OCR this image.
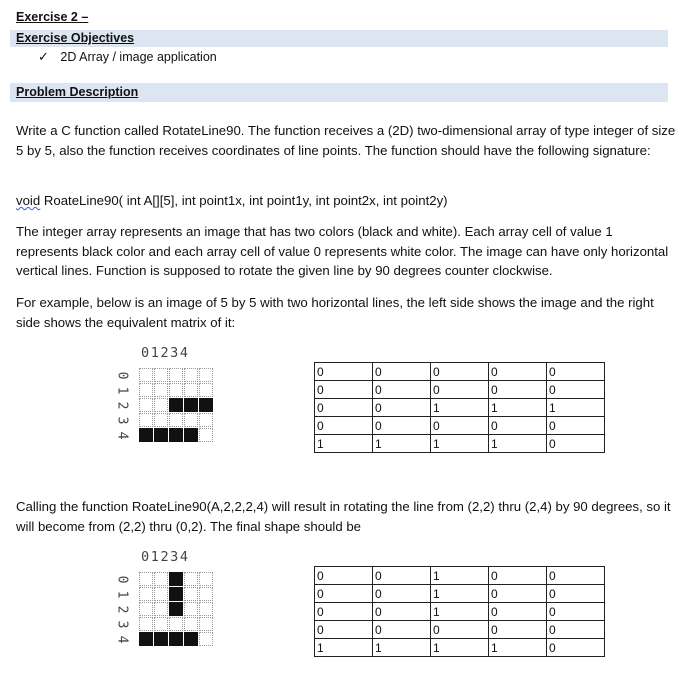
Exercise 2 –
Exercise Objectives
✓ 2D Array / image application
Problem Description
Write a C function called RotateLine90. The function receives a (2D) two-dimensional array of type integer of size 5 by 5, also the function receives coordinates of line points. The function should have the following signature:
void RoateLine90( int A[][5], int point1x, int point1y, int point2x, int point2y)
The integer array represents an image that has two colors (black and white). Each array cell of value 1 represents black color and each array cell of value 0 represents white color. The image can have only horizontal vertical lines. Function is supposed to rotate the given line by 90 degrees counter clockwise.
For example, below is an image of 5 by 5 with two horizontal lines, the left side shows the image and the right side shows the equivalent matrix of it:
01234
0
1
2
3
4
0	0	0	0	0
0	0	0	0	0
0	0	1	1	1
0	0	0	0	0
1	1	1	1	0
Calling the function RoateLine90(A,2,2,2,4) will result in rotating the line from (2,2) thru (2,4) by 90 degrees, so it will become from (2,2) thru (0,2). The final shape should be
01234
0
1
2
3
4
0	0	1	0	0
0	0	1	0	0
0	0	1	0	0
0	0	0	0	0
1	1	1	1	0
